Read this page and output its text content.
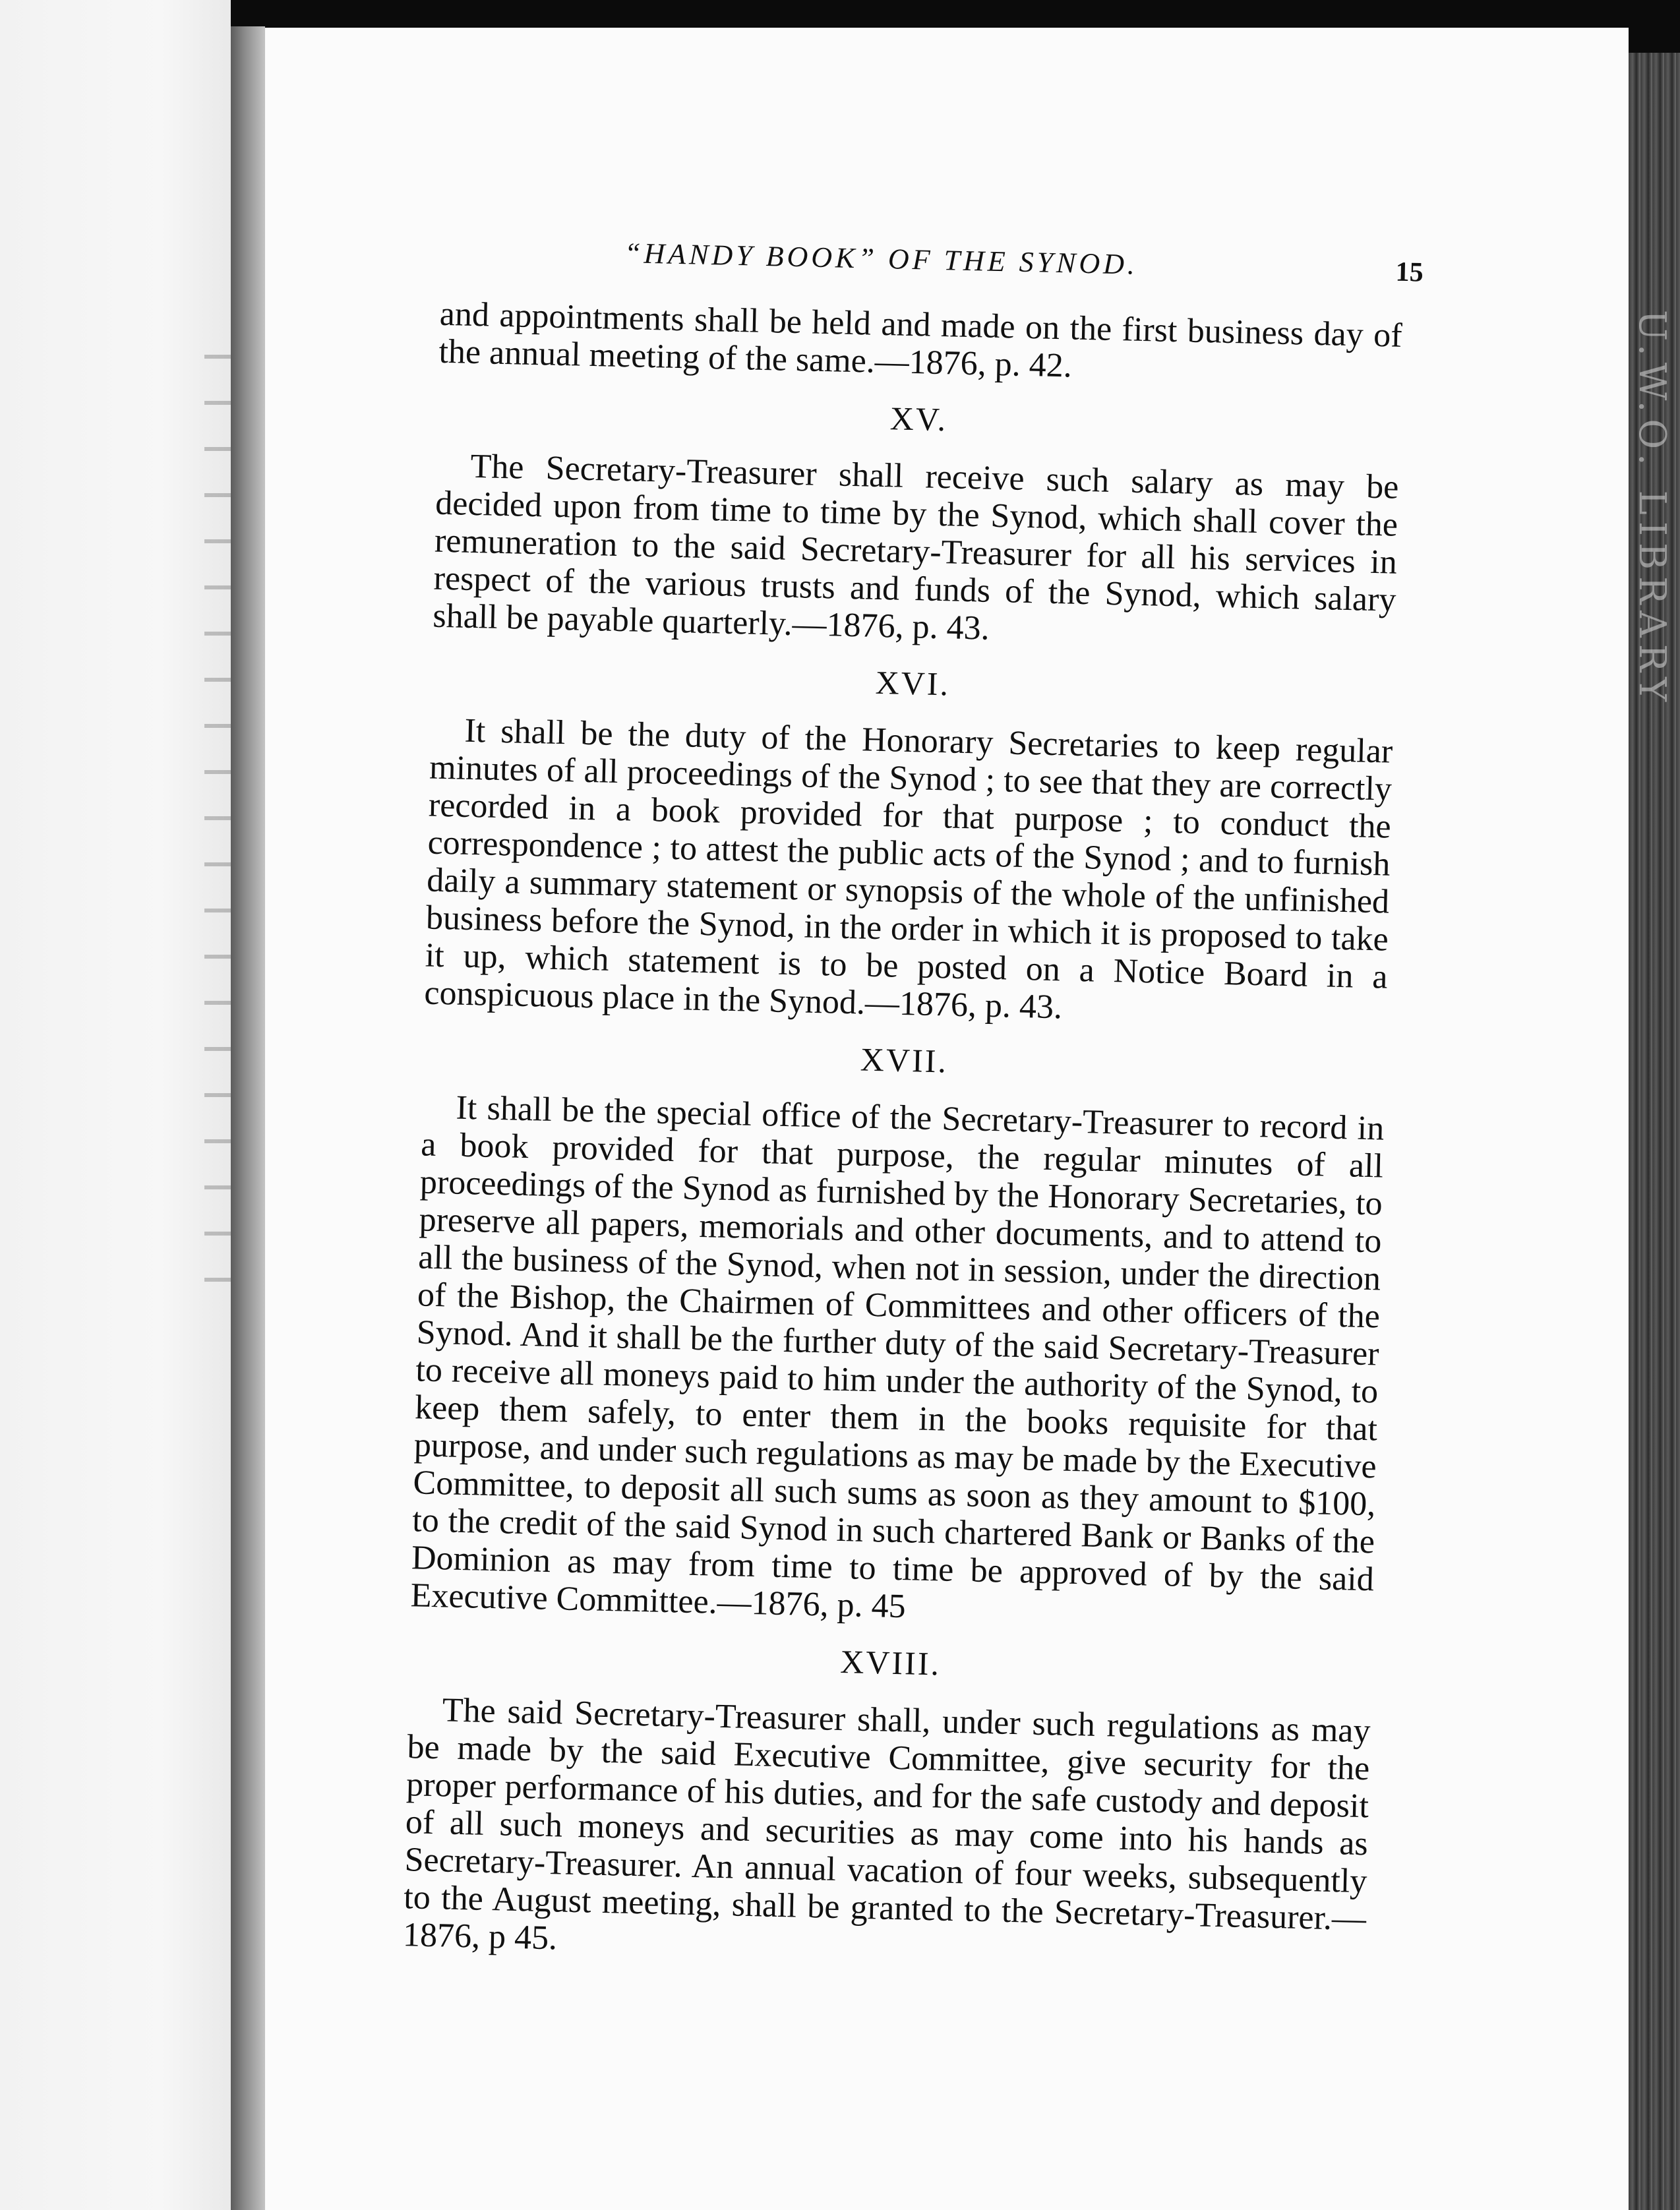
U.W.O. LIBRARY
“HANDY BOOK” OF THE SYNOD.	15

and appointments shall be held and made on the first business day of the annual meeting of the same.—1876, p. 42.

XV.

The Secretary-Treasurer shall receive such salary as may be decided upon from time to time by the Synod, which shall cover the remuneration to the said Secretary-Treasurer for all his services in respect of the various trusts and funds of the Synod, which salary shall be payable quarterly.—1876, p. 43.

XVI.

It shall be the duty of the Honorary Secretaries to keep regular minutes of all proceedings of the Synod ; to see that they are correctly recorded in a book provided for that purpose ; to conduct the correspondence ; to attest the public acts of the Synod ; and to furnish daily a summary statement or synopsis of the whole of the unfinished business before the Synod, in the order in which it is proposed to take it up, which statement is to be posted on a Notice Board in a conspicuous place in the Synod.—1876, p. 43.

XVII.

It shall be the special office of the Secretary-Treasurer to record in a book provided for that purpose, the regular minutes of all proceedings of the Synod as furnished by the Honorary Secretaries, to preserve all papers, memorials and other documents, and to attend to all the business of the Synod, when not in session, under the direction of the Bishop, the Chairmen of Committees and other officers of the Synod. And it shall be the further duty of the said Secretary-Treasurer to receive all moneys paid to him under the authority of the Synod, to keep them safely, to enter them in the books requisite for that purpose, and under such regulations as may be made by the Executive Committee, to deposit all such sums as soon as they amount to $100, to the credit of the said Synod in such chartered Bank or Banks of the Dominion as may from time to time be approved of by the said Executive Committee.—1876, p. 45

XVIII.

The said Secretary-Treasurer shall, under such regulations as may be made by the said Executive Committee, give security for the proper performance of his duties, and for the safe custody and deposit of all such moneys and securities as may come into his hands as Secretary-Treasurer. An annual vacation of four weeks, subsequently to the August meeting, shall be granted to the Secretary-Treasurer.—1876, p 45.
